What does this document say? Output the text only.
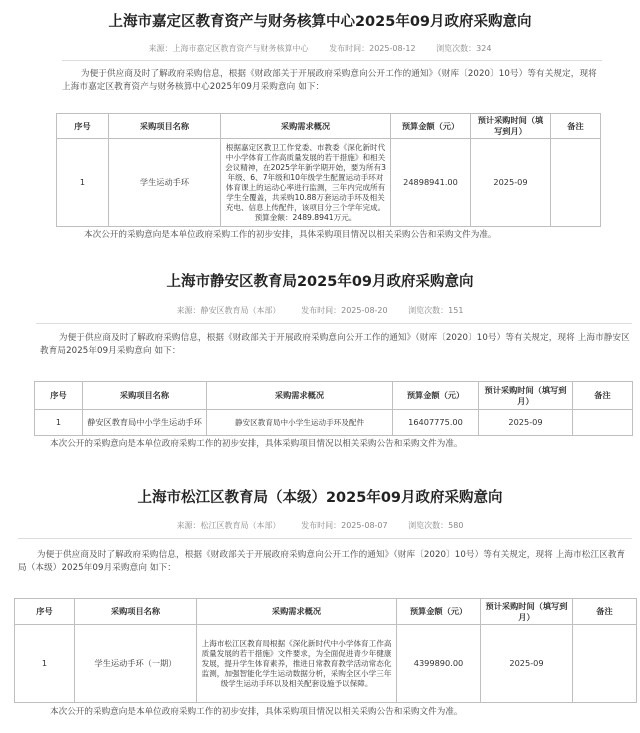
上海市嘉定区教育资产与财务核算中心2025年09月政府采购意向
来源：上海市嘉定区教育资产与财务核算中心	发布时间：2025-08-12	浏览次数：324
为便于供应商及时了解政府采购信息，根据《财政部关于开展政府采购意向公开工作的通知》（财库〔2020〕10号）等有关规定，现将 上海市嘉定区教育资产与财务核算中心2025年09月采购意向 如下：
序号	采购项目名称	采购需求概况	预算金额（元）	预计采购时间（填写到月）	备注
1	学生运动手环	根据嘉定区教卫工作党委、市教委《深化新时代中小学体育工作高质量发展的若干措施》和相关会议精神，在2025学年新学期开始，要为所有3年级、6、7年级和10年级学生配置运动手环对体育课上的运动心率进行监测，三年内完成所有学生全覆盖，共采购10.88万套运动手环及相关充电、信息上传配件，该项目分三个学年完成。预算金额：2489.8941万元。	24898941.00	2025-09	
本次公开的采购意向是本单位政府采购工作的初步安排，具体采购项目情况以相关采购公告和采购文件为准。
上海市静安区教育局2025年09月政府采购意向
来源：静安区教育局（本部）	发布时间：2025-08-20	浏览次数：151
为便于供应商及时了解政府采购信息，根据《财政部关于开展政府采购意向公开工作的通知》（财库〔2020〕10号）等有关规定，现将 上海市静安区教育局2025年09月采购意向 如下：
序号	采购项目名称	采购需求概况	预算金额（元）	预计采购时间（填写到月）	备注
1	静安区教育局中小学生运动手环	静安区教育局中小学生运动手环及配件	16407775.00	2025-09	
本次公开的采购意向是本单位政府采购工作的初步安排，具体采购项目情况以相关采购公告和采购文件为准。
上海市松江区教育局（本级）2025年09月政府采购意向
来源：松江区教育局（本部）	发布时间：2025-08-07	浏览次数：580
为便于供应商及时了解政府采购信息，根据《财政部关于开展政府采购意向公开工作的通知》（财库〔2020〕10号）等有关规定，现将 上海市松江区教育局（本级）2025年09月采购意向 如下：
序号	采购项目名称	采购需求概况	预算金额（元）	预计采购时间（填写到月）	备注
1	学生运动手环（一期）	上海市松江区教育局根据《深化新时代中小学体育工作高质量发展的若干措施》文件要求，为全面促进青少年健康发展，提升学生体育素养，推进日常教育教学活动常态化监测，加强智能化学生运动数据分析，采购全区小学三年级学生运动手环以及相关配套设施予以保障。	4399890.00	2025-09	
本次公开的采购意向是本单位政府采购工作的初步安排，具体采购项目情况以相关采购公告和采购文件为准。
